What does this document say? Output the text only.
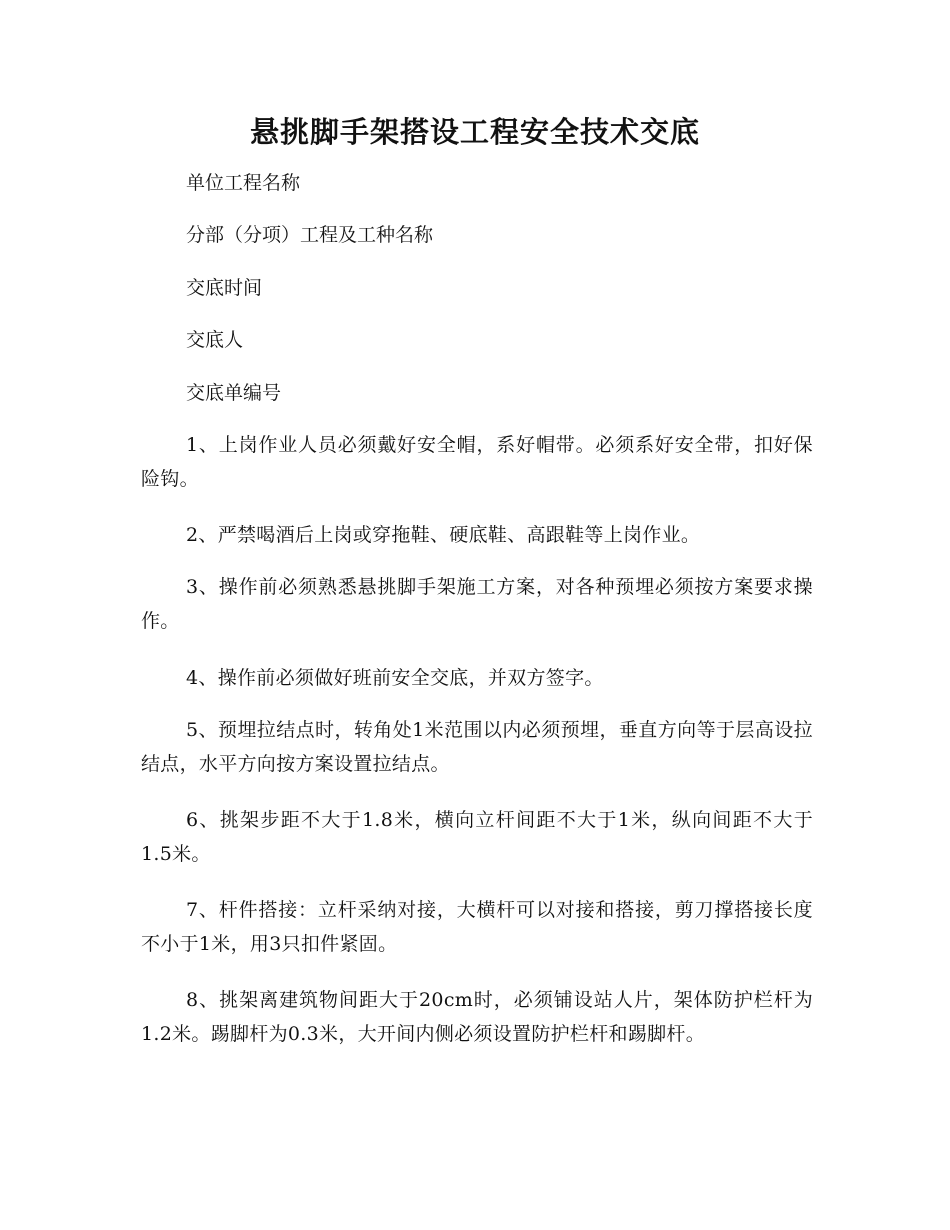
悬挑脚手架搭设工程安全技术交底
单位工程名称
分部（分项）工程及工种名称
交底时间
交底人
交底单编号
1、上岗作业人员必须戴好安全帽，系好帽带。必须系好安全带，扣好保险钩。
2、严禁喝酒后上岗或穿拖鞋、硬底鞋、高跟鞋等上岗作业。
3、操作前必须熟悉悬挑脚手架施工方案，对各种预埋必须按方案要求操作。
4、操作前必须做好班前安全交底，并双方签字。
5、预埋拉结点时，转角处1米范围以内必须预埋，垂直方向等于层高设拉结点，水平方向按方案设置拉结点。
6、挑架步距不大于1.8米，横向立杆间距不大于1米，纵向间距不大于1.5米。
7、杆件搭接：立杆采纳对接，大横杆可以对接和搭接，剪刀撑搭接长度不小于1米，用3只扣件紧固。
8、挑架离建筑物间距大于20cm时，必须铺设站人片，架体防护栏杆为1.2米。踢脚杆为0.3米，大开间内侧必须设置防护栏杆和踢脚杆。
